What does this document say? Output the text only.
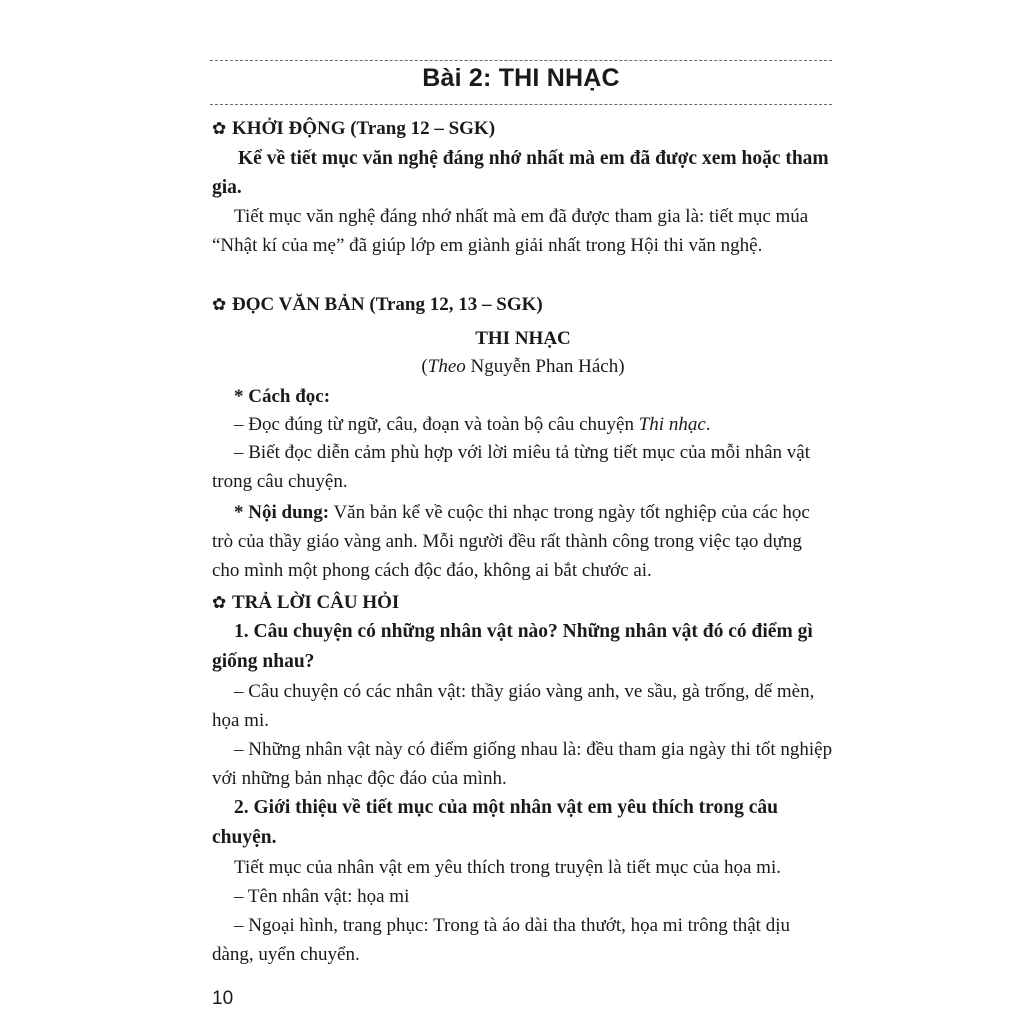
Bài 2: THI NHẠC
✿ KHỞI ĐỘNG (Trang 12 – SGK)
Kể về tiết mục văn nghệ đáng nhớ nhất mà em đã được xem hoặc tham gia.
Tiết mục văn nghệ đáng nhớ nhất mà em đã được tham gia là: tiết mục múa “Nhật kí của mẹ” đã giúp lớp em giành giải nhất trong Hội thi văn nghệ.
✿ ĐỌC VĂN BẢN (Trang 12, 13 – SGK)
THI NHẠC
(Theo Nguyễn Phan Hách)
* Cách đọc:
– Đọc đúng từ ngữ, câu, đoạn và toàn bộ câu chuyện Thi nhạc.
– Biết đọc diễn cảm phù hợp với lời miêu tả từng tiết mục của mỗi nhân vật trong câu chuyện.
* Nội dung: Văn bản kể về cuộc thi nhạc trong ngày tốt nghiệp của các học trò của thầy giáo vàng anh. Mỗi người đều rất thành công trong việc tạo dựng cho mình một phong cách độc đáo, không ai bắt chước ai.
✿ TRẢ LỜI CÂU HỎI
1. Câu chuyện có những nhân vật nào? Những nhân vật đó có điểm gì giống nhau?
– Câu chuyện có các nhân vật: thầy giáo vàng anh, ve sầu, gà trống, dế mèn, họa mi.
– Những nhân vật này có điểm giống nhau là: đều tham gia ngày thi tốt nghiệp với những bản nhạc độc đáo của mình.
2. Giới thiệu về tiết mục của một nhân vật em yêu thích trong câu chuyện.
Tiết mục của nhân vật em yêu thích trong truyện là tiết mục của họa mi.
– Tên nhân vật: họa mi
– Ngoại hình, trang phục: Trong tà áo dài tha thướt, họa mi trông thật dịu dàng, uyển chuyển.
10
